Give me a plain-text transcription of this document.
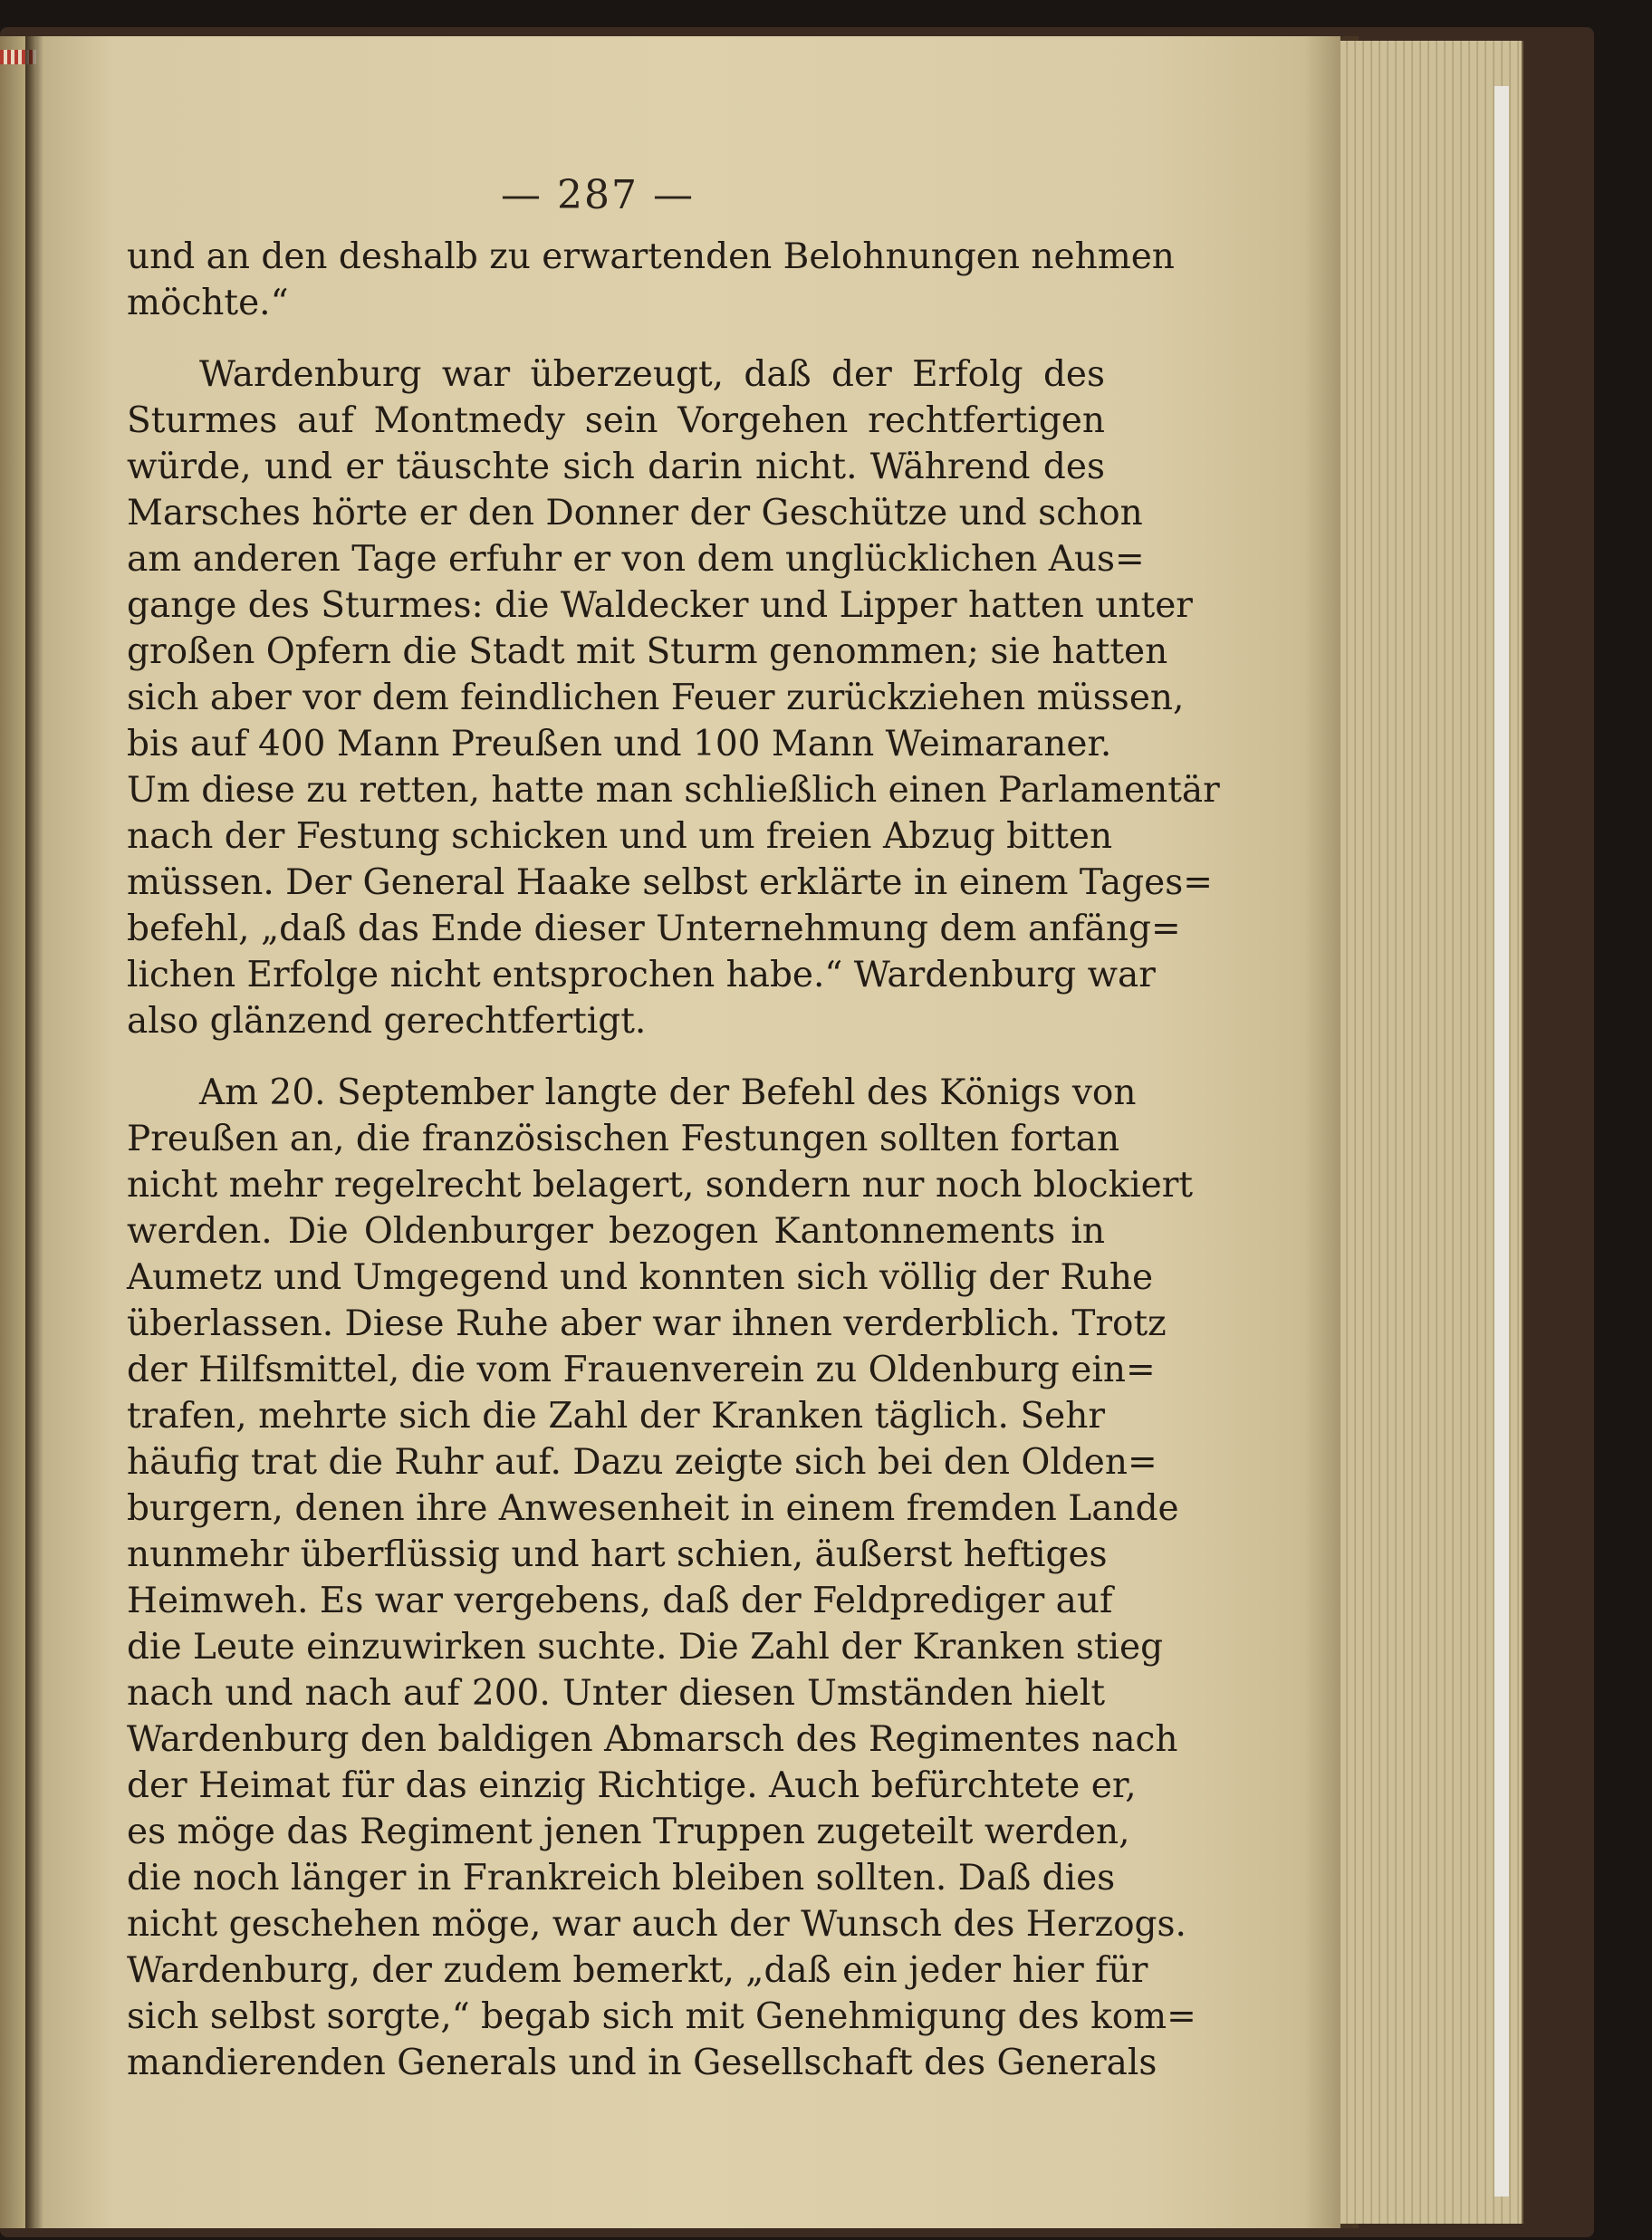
— 287 —
und an den deshalb zu erwartenden Belohnungen nehmen
möchte.“
Wardenburg war überzeugt, daß der Erfolg des
Sturmes auf Montmedy sein Vorgehen rechtfertigen
würde, und er täuschte sich darin nicht. Während des
Marsches hörte er den Donner der Geschütze und schon
am anderen Tage erfuhr er von dem unglücklichen Aus=
gange des Sturmes: die Waldecker und Lipper hatten unter
großen Opfern die Stadt mit Sturm genommen; sie hatten
sich aber vor dem feindlichen Feuer zurückziehen müssen,
bis auf 400 Mann Preußen und 100 Mann Weimaraner.
Um diese zu retten, hatte man schließlich einen Parlamentär
nach der Festung schicken und um freien Abzug bitten
müssen. Der General Haake selbst erklärte in einem Tages=
befehl, „daß das Ende dieser Unternehmung dem anfäng=
lichen Erfolge nicht entsprochen habe.“ Wardenburg war
also glänzend gerechtfertigt.
Am 20. September langte der Befehl des Königs von
Preußen an, die französischen Festungen sollten fortan
nicht mehr regelrecht belagert, sondern nur noch blockiert
werden. Die Oldenburger bezogen Kantonnements in
Aumetz und Umgegend und konnten sich völlig der Ruhe
überlassen. Diese Ruhe aber war ihnen verderblich. Trotz
der Hilfsmittel, die vom Frauenverein zu Oldenburg ein=
trafen, mehrte sich die Zahl der Kranken täglich. Sehr
häufig trat die Ruhr auf. Dazu zeigte sich bei den Olden=
burgern, denen ihre Anwesenheit in einem fremden Lande
nunmehr überflüssig und hart schien, äußerst heftiges
Heimweh. Es war vergebens, daß der Feldprediger auf
die Leute einzuwirken suchte. Die Zahl der Kranken stieg
nach und nach auf 200. Unter diesen Umständen hielt
Wardenburg den baldigen Abmarsch des Regimentes nach
der Heimat für das einzig Richtige. Auch befürchtete er,
es möge das Regiment jenen Truppen zugeteilt werden,
die noch länger in Frankreich bleiben sollten. Daß dies
nicht geschehen möge, war auch der Wunsch des Herzogs.
Wardenburg, der zudem bemerkt, „daß ein jeder hier für
sich selbst sorgte,“ begab sich mit Genehmigung des kom=
mandierenden Generals und in Gesellschaft des Generals
